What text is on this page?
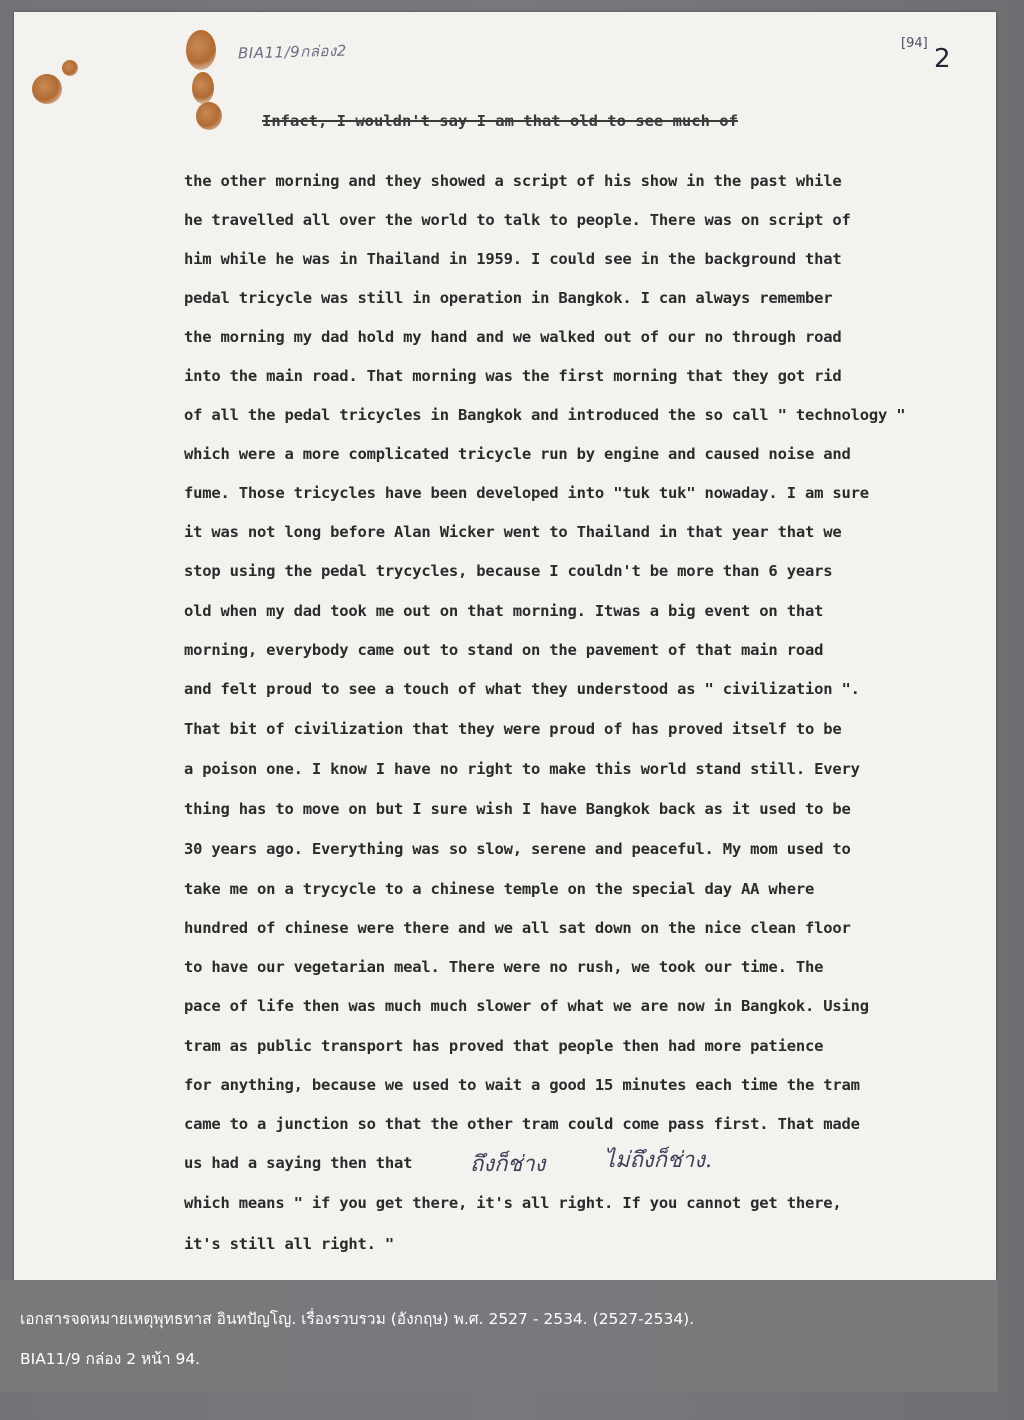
BIA11/9กล่อง2	[94]
2
Infact, I wouldn't say I am that old to see much of
the other morning and they showed a script of his show in the past while
he travelled all over the world to talk to people. There was on script of
him while he was in Thailand in 1959. I could see in the background that
pedal tricycle was still in operation in Bangkok. I can always remember
the morning my dad hold my hand and we walked out of our no through road
into the main road. That morning was the first morning that they got rid
of all the pedal tricycles in Bangkok and introduced the so call " technology "
which were a more complicated tricycle run by engine and caused noise and
fume. Those tricycles have been developed into "tuk tuk" nowaday. I am sure
it was not long before Alan Wicker went to Thailand in that year that we
stop using the pedal trycycles, because I couldn't be more than 6 years
old when my dad took me out on that morning. Itwas a big event on that
morning, everybody came out to stand on the pavement of that main road
and felt proud to see a touch of what they understood as " civilization ".
That bit of civilization that they were proud of has proved itself to be
a poison one. I know I have no right to make this world stand still. Every
thing has to move on but I sure wish I have Bangkok back as it used to be
30 years ago. Everything was so slow, serene and peaceful. My mom used to
take me on a trycycle to a chinese temple on the special day AA where
hundred of chinese were there and we all sat down on the nice clean floor
to have our vegetarian meal. There were no rush, we took our time. The
pace of life then was much much slower of what we are now in Bangkok. Using
tram as public transport has proved that people then had more patience
for anything, because we used to wait a good 15 minutes each time the tram
came to a junction so that the other tram could come pass first. That made
us had a saying then that	ถึงก็ช่าง	ไม่ถึงก็ช่าง.
which means " if you get there, it's all right. If you cannot get there,
it's still all right. "
เอกสารจดหมายเหตุพุทธทาส อินทปัญโญ. เรื่องรวบรวม (อังกฤษ) พ.ศ. 2527 - 2534. (2527-2534).
BIA11/9 กล่อง 2 หน้า 94.
